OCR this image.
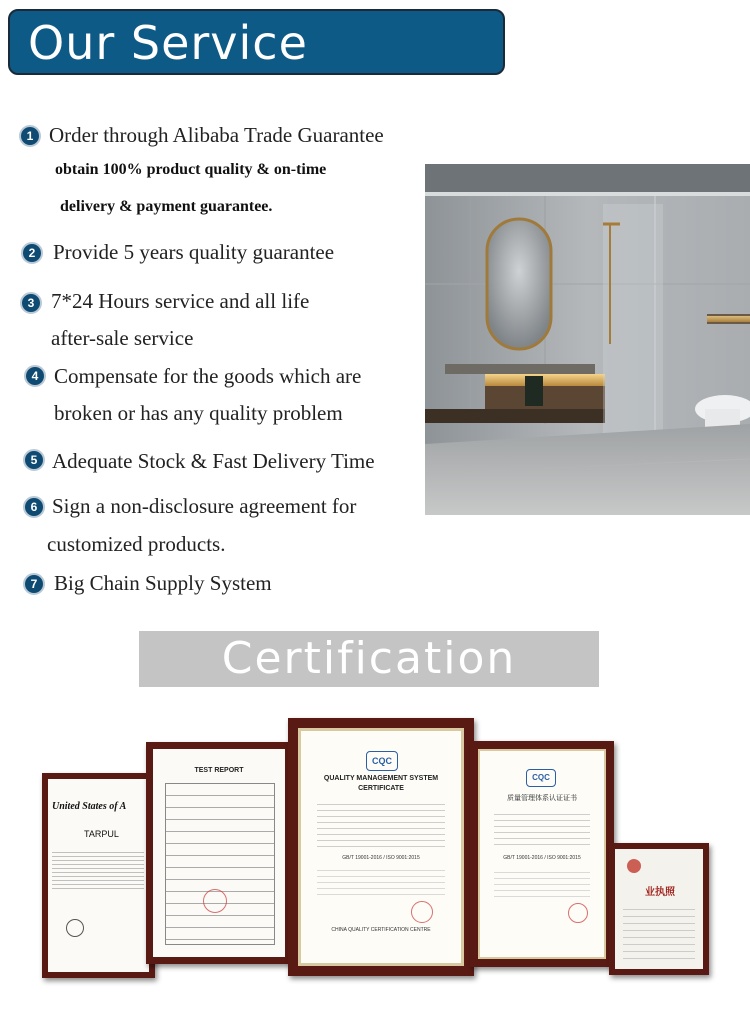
Our Service
1 Order through Alibaba Trade Guarantee
obtain 100% product quality & on-time
delivery & payment guarantee.
2 Provide 5 years quality guarantee
3 7*24 Hours service and all life
after-sale service
4 Compensate for the goods which are
broken or has any quality problem
5 Adequate Stock & Fast Delivery Time
6 Sign a non-disclosure agreement for
customized products.
7 Big Chain Supply System
Certification
United States of A
TARPUL
TEST REPORT
CQC
QUALITY MANAGEMENT SYSTEM
CERTIFICATE
GB/T 19001-2016 / ISO 9001:2015
CHINA QUALITY CERTIFICATION CENTRE
CQC
质量管理体系认证证书
GB/T 19001-2016 / ISO 9001:2015
业执照
